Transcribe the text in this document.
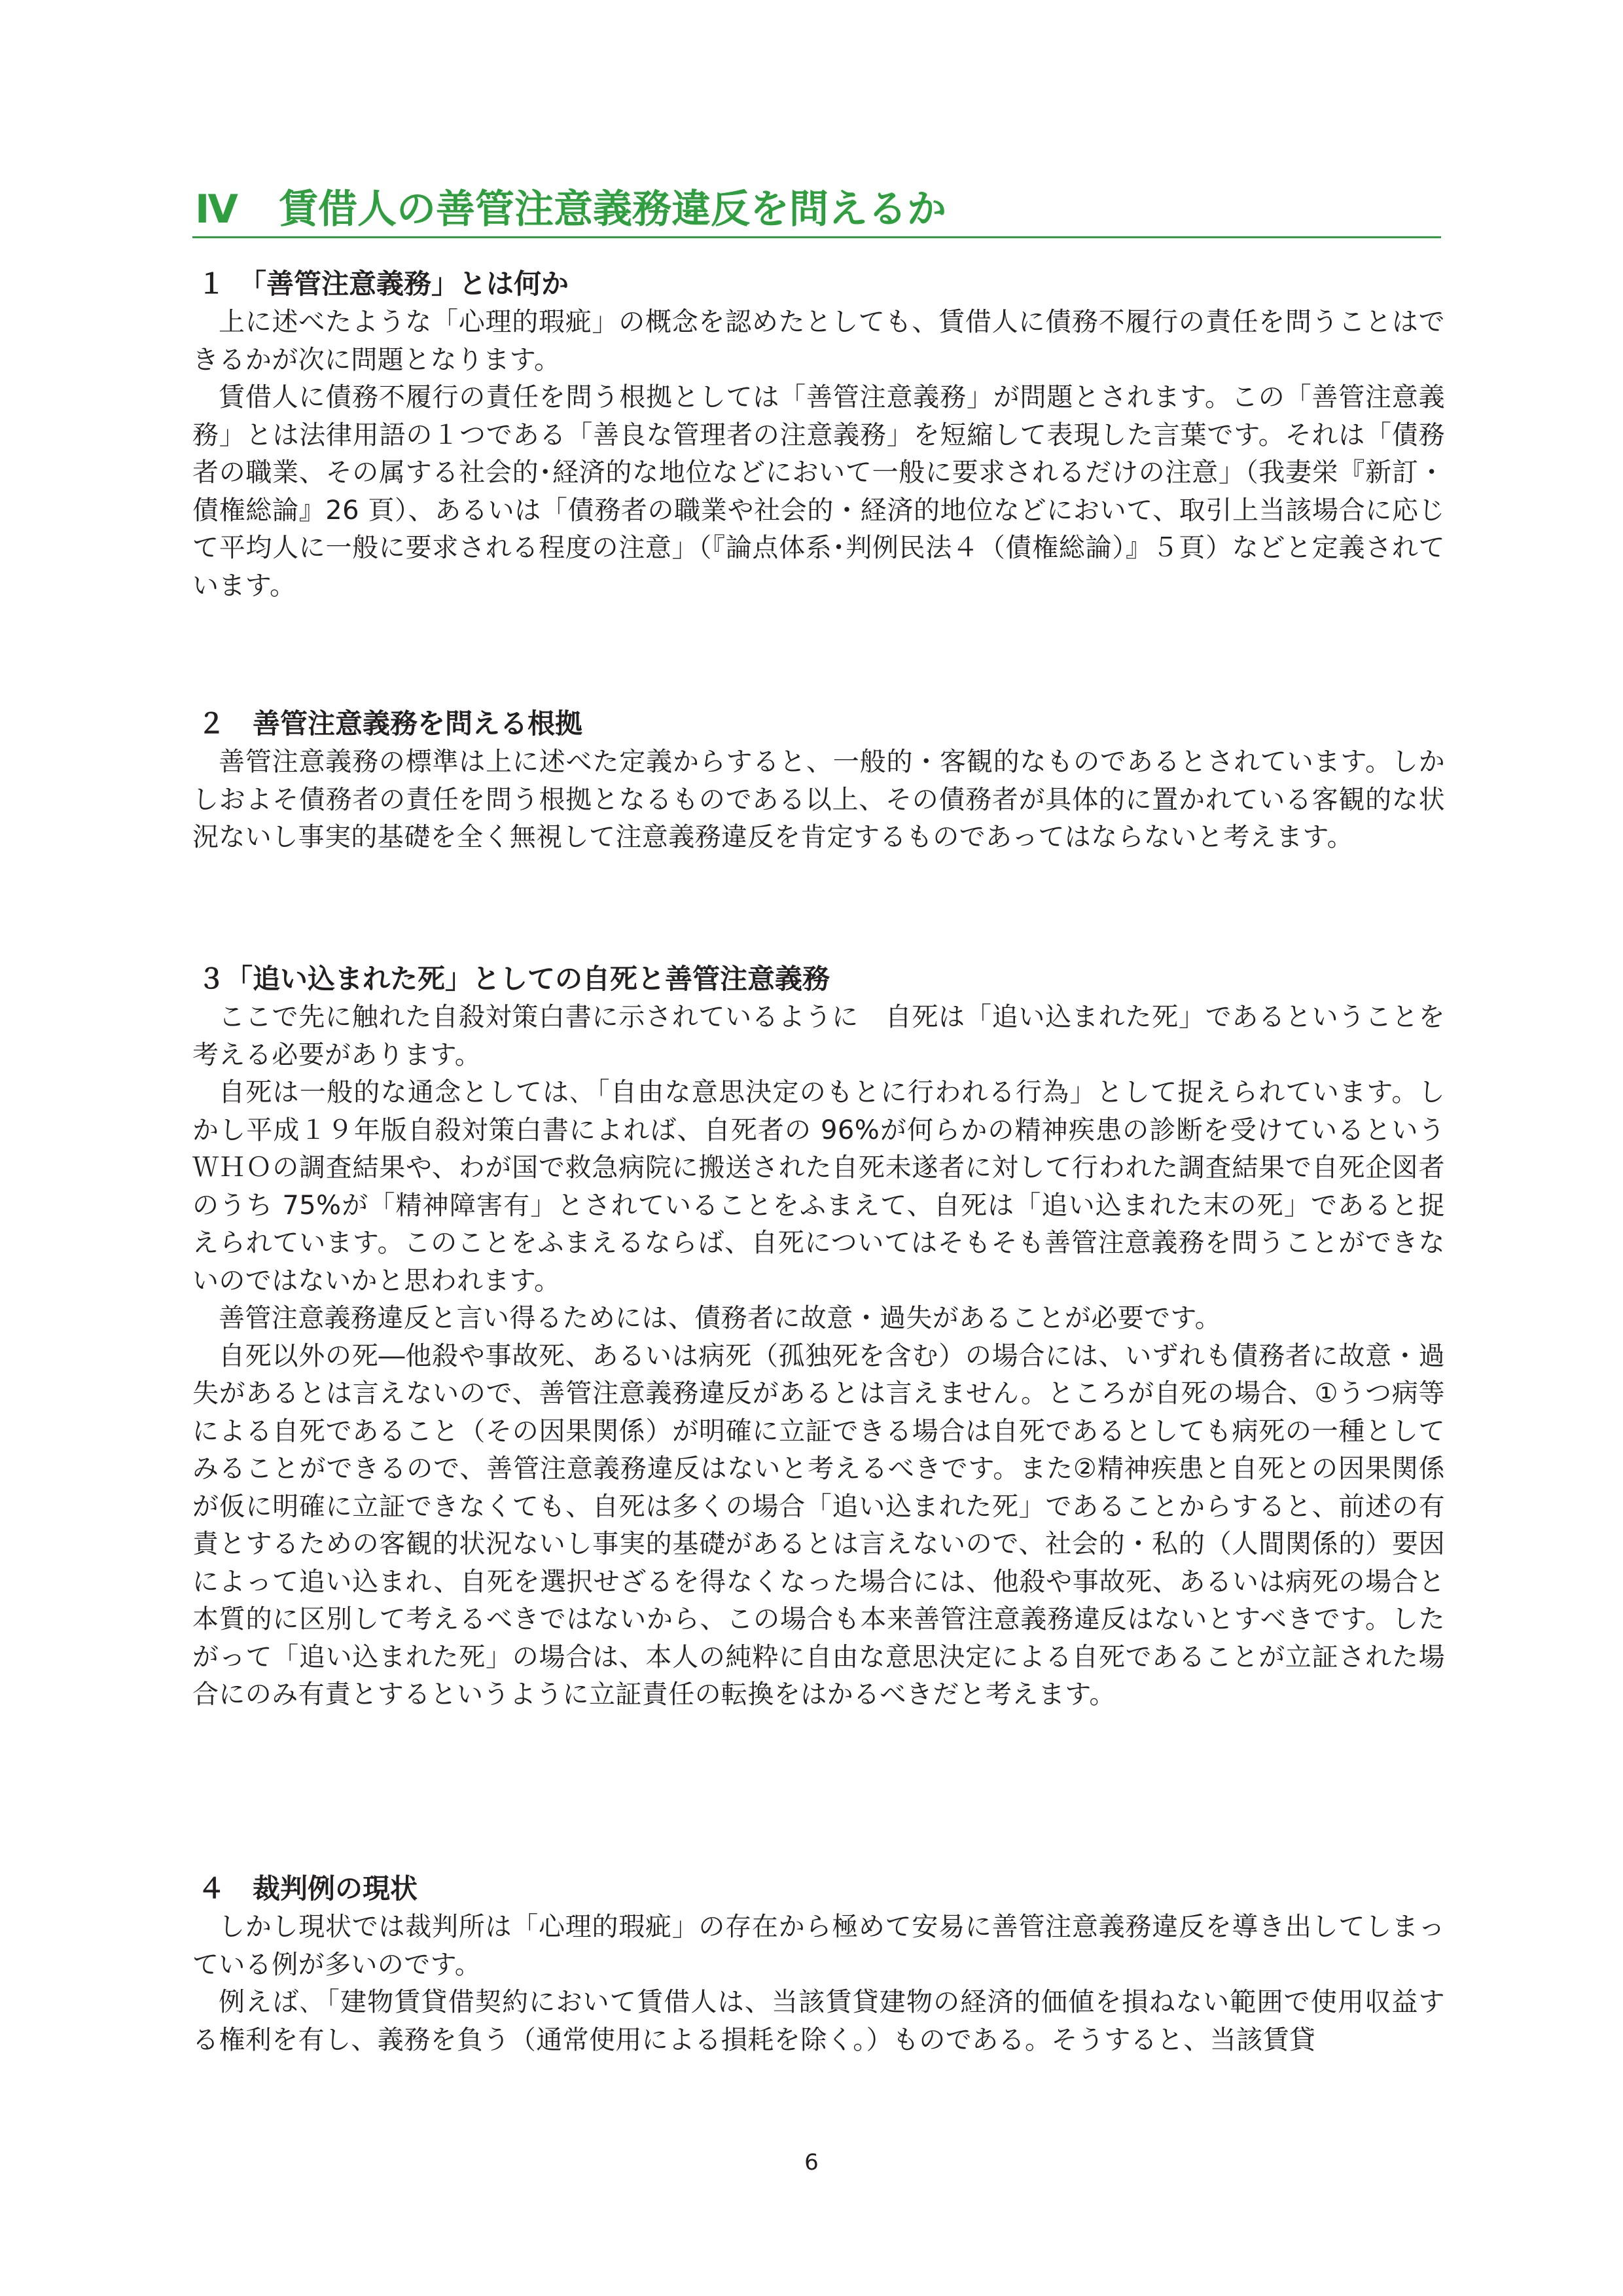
Ⅳ 賃借人の善管注意義務違反を問えるか
１　「善管注意義務」とは何か

上に述べたような「心理的瑕疵」の概念を認めたとしても、賃借人に債務不履行の責任を問うことはできるかが次に問題となります。

賃借人に債務不履行の責任を問う根拠としては「善管注意義務」が問題とされます。この「善管注意義務」とは法律用語の１つである「善良な管理者の注意義務」を短縮して表現した言葉です。それは「債務者の職業、その属する社会的･経済的な地位などにおいて一般に要求されるだけの注意」（我妻栄『新訂・債権総論』26 頁）、あるいは「債務者の職業や社会的・経済的地位などにおいて、取引上当該場合に応じて平均人に一般に要求される程度の注意」（『論点体系･判例民法４（債権総論）』５頁）などと定義されています。

２　善管注意義務を問える根拠

善管注意義務の標準は上に述べた定義からすると、一般的・客観的なものであるとされています。しかしおよそ債務者の責任を問う根拠となるものである以上、その債務者が具体的に置かれている客観的な状況ないし事実的基礎を全く無視して注意義務違反を肯定するものであってはならないと考えます。

３「追い込まれた死」としての自死と善管注意義務

ここで先に触れた自殺対策白書に示されているように　自死は「追い込まれた死」であるということを考える必要があります。

自死は一般的な通念としては､「自由な意思決定のもとに行われる行為」として捉えられています。しかし平成１９年版自殺対策白書によれば、自死者の 96%が何らかの精神疾患の診断を受けているというＷＨＯの調査結果や、わが国で救急病院に搬送された自死未遂者に対して行われた調査結果で自死企図者のうち 75%が「精神障害有」とされていることをふまえて、自死は「追い込まれた末の死」であると捉えられています。このことをふまえるならば、自死についてはそもそも善管注意義務を問うことができないのではないかと思われます。

善管注意義務違反と言い得るためには、債務者に故意・過失があることが必要です。

自死以外の死―他殺や事故死、あるいは病死（孤独死を含む）の場合には、いずれも債務者に故意・過失があるとは言えないので、善管注意義務違反があるとは言えません。ところが自死の場合、①うつ病等による自死であること（その因果関係）が明確に立証できる場合は自死であるとしても病死の一種としてみることができるので、善管注意義務違反はないと考えるべきです。また②精神疾患と自死との因果関係が仮に明確に立証できなくても、自死は多くの場合「追い込まれた死」であることからすると、前述の有責とするための客観的状況ないし事実的基礎があるとは言えないので、社会的・私的（人間関係的）要因によって追い込まれ、自死を選択せざるを得なくなった場合には、他殺や事故死、あるいは病死の場合と本質的に区別して考えるべきではないから、この場合も本来善管注意義務違反はないとすべきです。したがって「追い込まれた死」の場合は、本人の純粋に自由な意思決定による自死であることが立証された場合にのみ有責とするというように立証責任の転換をはかるべきだと考えます。

４　裁判例の現状

しかし現状では裁判所は「心理的瑕疵」の存在から極めて安易に善管注意義務違反を導き出してしまっている例が多いのです。

例えば､「建物賃貸借契約において賃借人は、当該賃貸建物の経済的価値を損ねない範囲で使用収益する権利を有し、義務を負う（通常使用による損耗を除く。）ものである。そうすると、当該賃貸

6
